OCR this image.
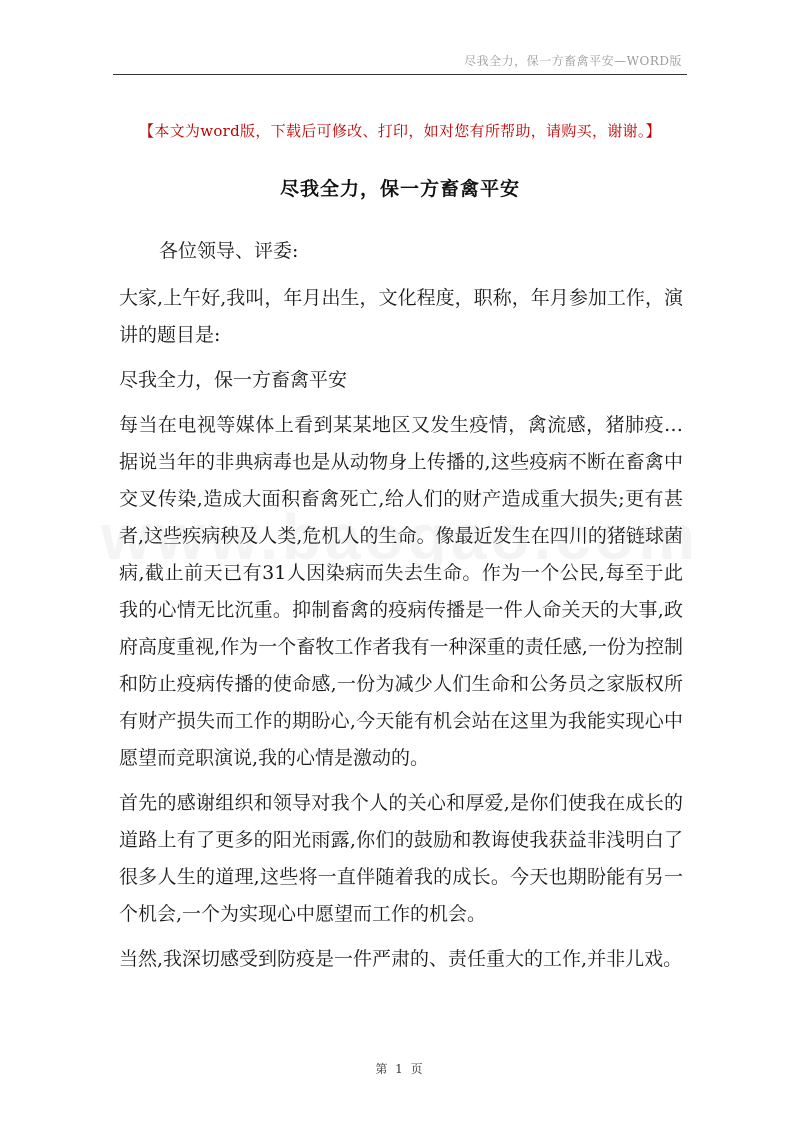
尽我全力，保一方畜禽平安—WORD版
【本文为word版，下载后可修改、打印，如对您有所帮助，请购买，谢谢。】
尽我全力，保一方畜禽平安

各位领导、评委:

大家,上午好,我叫，年月出生，文化程度，职称，年月参加工作，演讲的题目是:

尽我全力，保一方畜禽平安

每当在电视等媒体上看到某某地区又发生疫情，禽流感，猪肺疫…据说当年的非典病毒也是从动物身上传播的,这些疫病不断在畜禽中交叉传染,造成大面积畜禽死亡,给人们的财产造成重大损失;更有甚者,这些疾病秧及人类,危机人的生命。像最近发生在四川的猪链球菌病,截止前天已有31人因染病而失去生命。作为一个公民,每至于此我的心情无比沉重。抑制畜禽的疫病传播是一件人命关天的大事,政府高度重视,作为一个畜牧工作者我有一种深重的责任感,一份为控制和防止疫病传播的使命感,一份为减少人们生命和公务员之家版权所有财产损失而工作的期盼心,今天能有机会站在这里为我能实现心中愿望而竞职演说,我的心情是激动的。

首先的感谢组织和领导对我个人的关心和厚爱,是你们使我在成长的道路上有了更多的阳光雨露,你们的鼓励和教诲使我获益非浅明白了很多人生的道理,这些将一直伴随着我的成长。今天也期盼能有另一个机会,一个为实现心中愿望而工作的机会。

当然,我深切感受到防疫是一件严肃的、责任重大的工作,并非儿戏。

第 1 页
